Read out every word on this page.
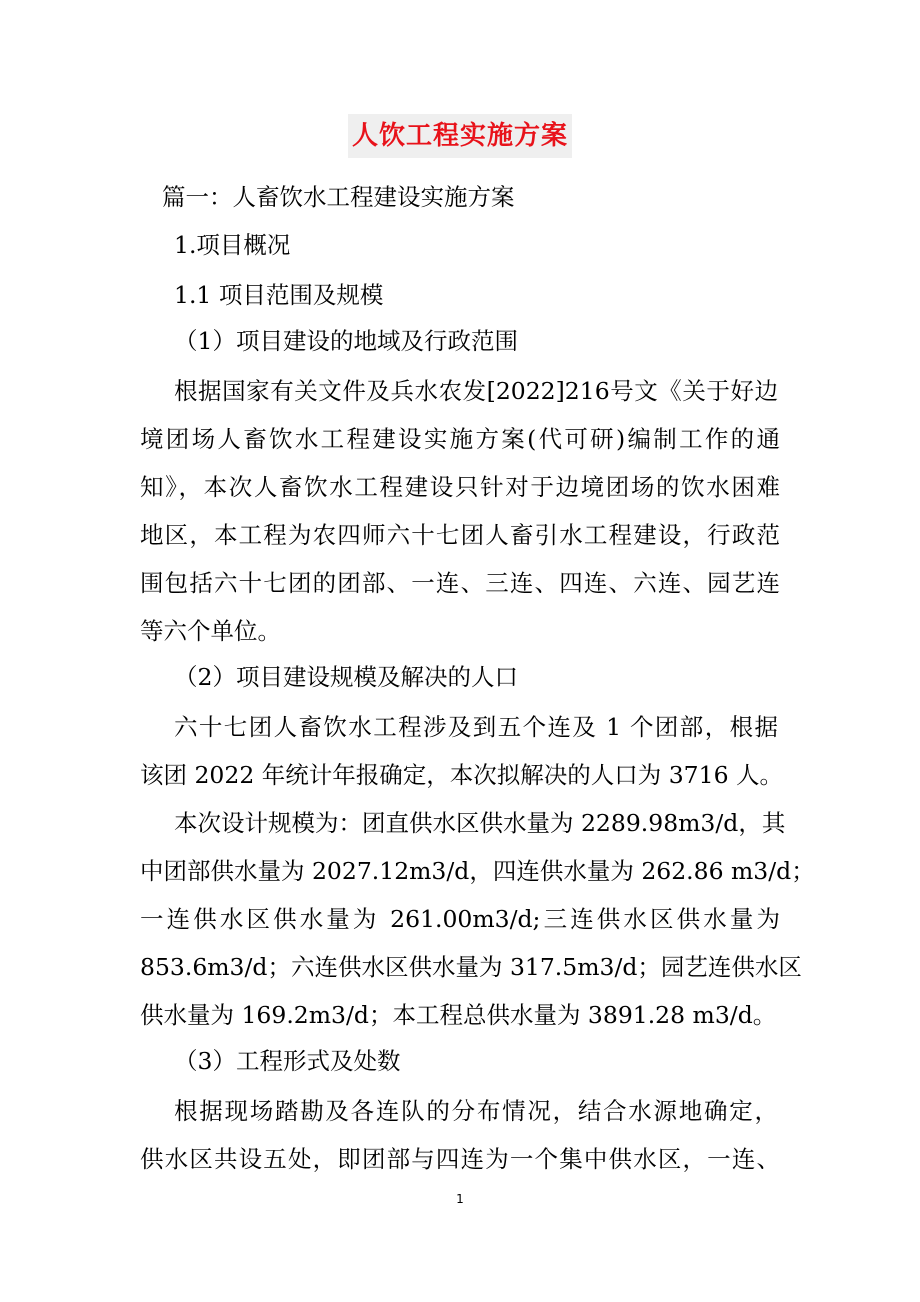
人饮工程实施方案
篇一：人畜饮水工程建设实施方案
1.项目概况
1.1 项目范围及规模
（1）项目建设的地域及行政范围
根据国家有关文件及兵水农发[2022]216号文《关于好边
境团场人畜饮水工程建设实施方案(代可研)编制工作的通
知》，本次人畜饮水工程建设只针对于边境团场的饮水困难
地区，本工程为农四师六十七团人畜引水工程建设，行政范
围包括六十七团的团部、一连、三连、四连、六连、园艺连
等六个单位。
（2）项目建设规模及解决的人口
六十七团人畜饮水工程涉及到五个连及 1 个团部，根据
该团 2022 年统计年报确定，本次拟解决的人口为 3716 人。
本次设计规模为：团直供水区供水量为 2289.98m3/d，其
中团部供水量为 2027.12m3/d，四连供水量为 262.86 m3/d；
一连供水区供水量为 261.00m3/d;三连供水区供水量为
853.6m3/d；六连供水区供水量为 317.5m3/d；园艺连供水区
供水量为 169.2m3/d；本工程总供水量为 3891.28 m3/d。
（3）工程形式及处数
根据现场踏勘及各连队的分布情况，结合水源地确定，
供水区共设五处，即团部与四连为一个集中供水区，一连、
1
